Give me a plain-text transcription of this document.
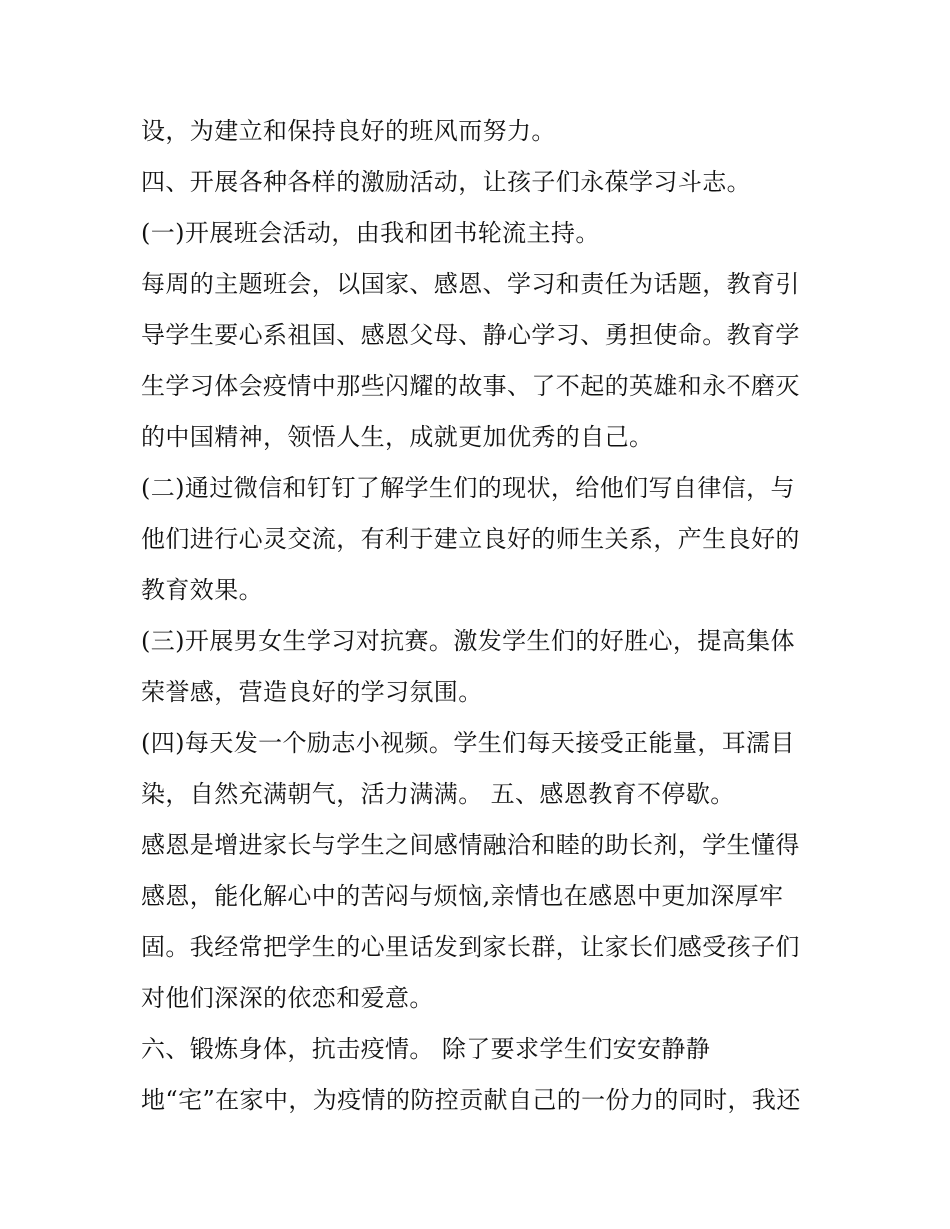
设，为建立和保持良好的班风而努力。
四、开展各种各样的激励活动，让孩子们永葆学习斗志。
(一)开展班会活动，由我和团书轮流主持。
每周的主题班会，以国家、感恩、学习和责任为话题，教育引
导学生要心系祖国、感恩父母、静心学习、勇担使命。教育学
生学习体会疫情中那些闪耀的故事、了不起的英雄和永不磨灭
的中国精神，领悟人生，成就更加优秀的自己。
(二)通过微信和钉钉了解学生们的现状，给他们写自律信，与
他们进行心灵交流，有利于建立良好的师生关系，产生良好的
教育效果。
(三)开展男女生学习对抗赛。激发学生们的好胜心，提高集体
荣誉感，营造良好的学习氛围。
(四)每天发一个励志小视频。学生们每天接受正能量，耳濡目
染，自然充满朝气，活力满满。 五、感恩教育不停歇。
感恩是增进家长与学生之间感情融洽和睦的助长剂，学生懂得
感恩，能化解心中的苦闷与烦恼,亲情也在感恩中更加深厚牢
固。我经常把学生的心里话发到家长群，让家长们感受孩子们
对他们深深的依恋和爱意。
六、锻炼身体，抗击疫情。 除了要求学生们安安静静
地“宅”在家中，为疫情的防控贡献自己的一份力的同时，我还
